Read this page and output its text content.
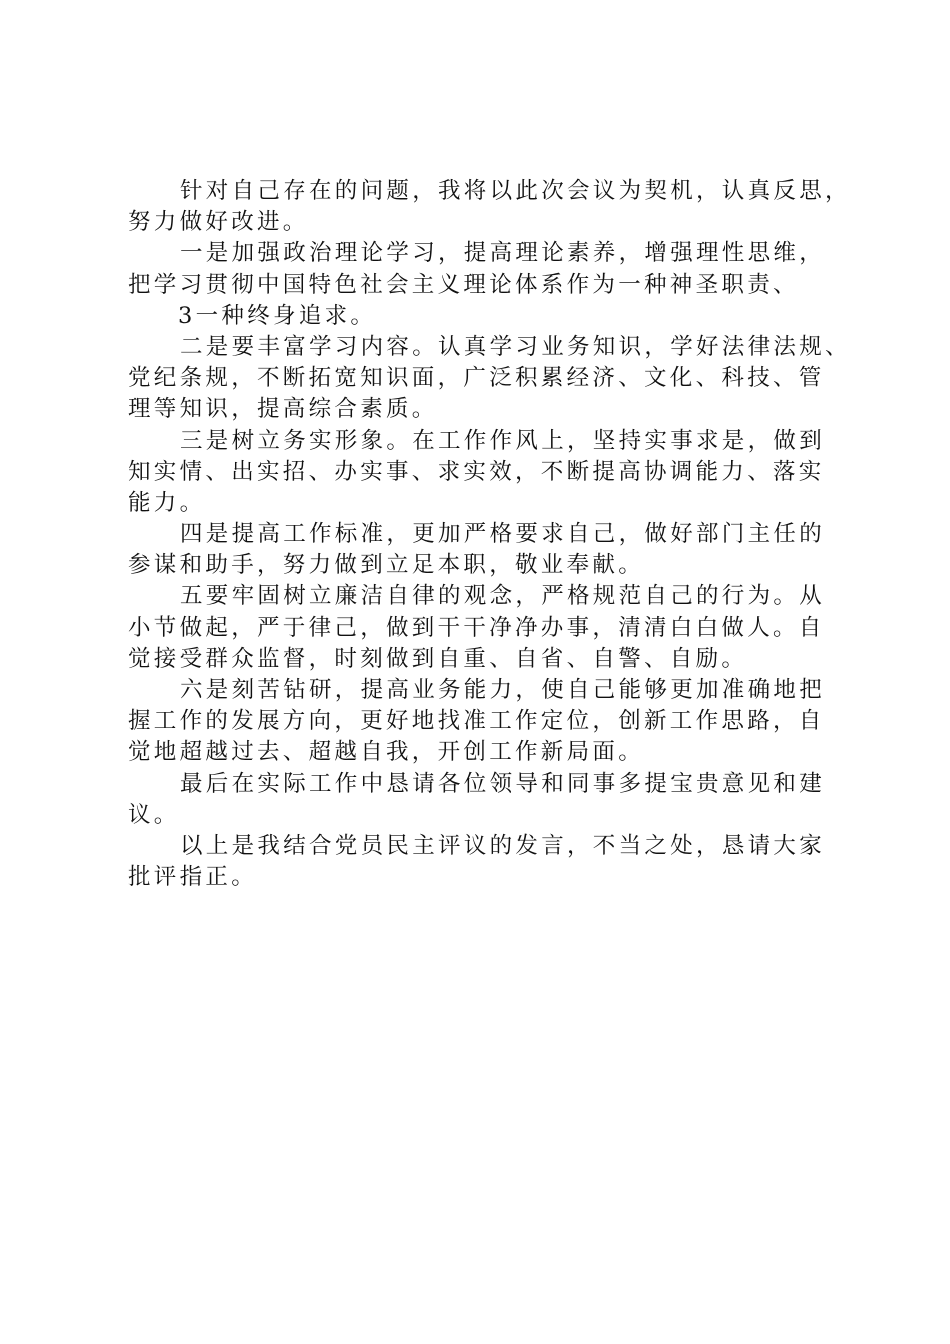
针对自己存在的问题，我将以此次会议为契机，认真反思，
努力做好改进。
一是加强政治理论学习，提高理论素养，增强理性思维，
把学习贯彻中国特色社会主义理论体系作为一种神圣职责、
3一种终身追求。
二是要丰富学习内容。认真学习业务知识，学好法律法规、
党纪条规，不断拓宽知识面，广泛积累经济、文化、科技、管
理等知识，提高综合素质。
三是树立务实形象。在工作作风上，坚持实事求是，做到
知实情、出实招、办实事、求实效，不断提高协调能力、落实
能力。
四是提高工作标准，更加严格要求自己，做好部门主任的
参谋和助手，努力做到立足本职，敬业奉献。
五要牢固树立廉洁自律的观念，严格规范自己的行为。从
小节做起，严于律己，做到干干净净办事，清清白白做人。自
觉接受群众监督，时刻做到自重、自省、自警、自励。
六是刻苦钻研，提高业务能力，使自己能够更加准确地把
握工作的发展方向，更好地找准工作定位，创新工作思路，自
觉地超越过去、超越自我，开创工作新局面。
最后在实际工作中恳请各位领导和同事多提宝贵意见和建
议。
以上是我结合党员民主评议的发言，不当之处，恳请大家
批评指正。
